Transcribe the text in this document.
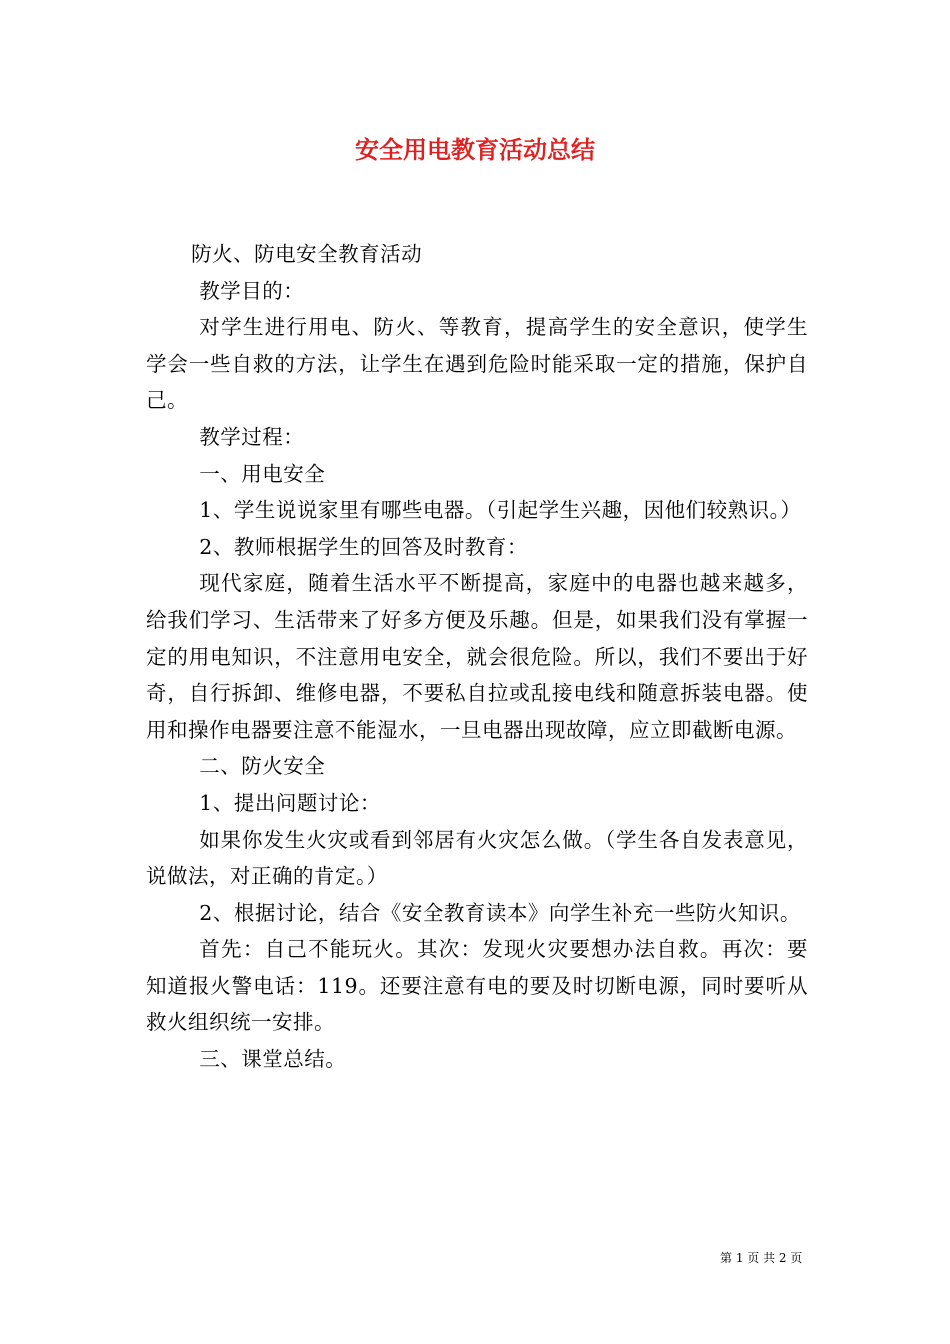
安全用电教育活动总结

防火、防电安全教育活动

教学目的：

对学生进行用电、防火、等教育，提高学生的安全意识，使学生学会一些自救的方法，让学生在遇到危险时能采取一定的措施，保护自己。

教学过程：

一、用电安全

1、学生说说家里有哪些电器。（引起学生兴趣，因他们较熟识。）

2、教师根据学生的回答及时教育：

现代家庭，随着生活水平不断提高，家庭中的电器也越来越多，给我们学习、生活带来了好多方便及乐趣。但是，如果我们没有掌握一定的用电知识，不注意用电安全，就会很危险。所以，我们不要出于好奇，自行拆卸、维修电器，不要私自拉或乱接电线和随意拆装电器。使用和操作电器要注意不能湿水，一旦电器出现故障，应立即截断电源。

二、防火安全

1、提出问题讨论：

如果你发生火灾或看到邻居有火灾怎么做。（学生各自发表意见，说做法，对正确的肯定。）

2、根据讨论，结合《安全教育读本》向学生补充一些防火知识。

首先：自己不能玩火。其次：发现火灾要想办法自救。再次：要知道报火警电话：119。还要注意有电的要及时切断电源，同时要听从救火组织统一安排。

三、课堂总结。

第 1 页 共 2 页
